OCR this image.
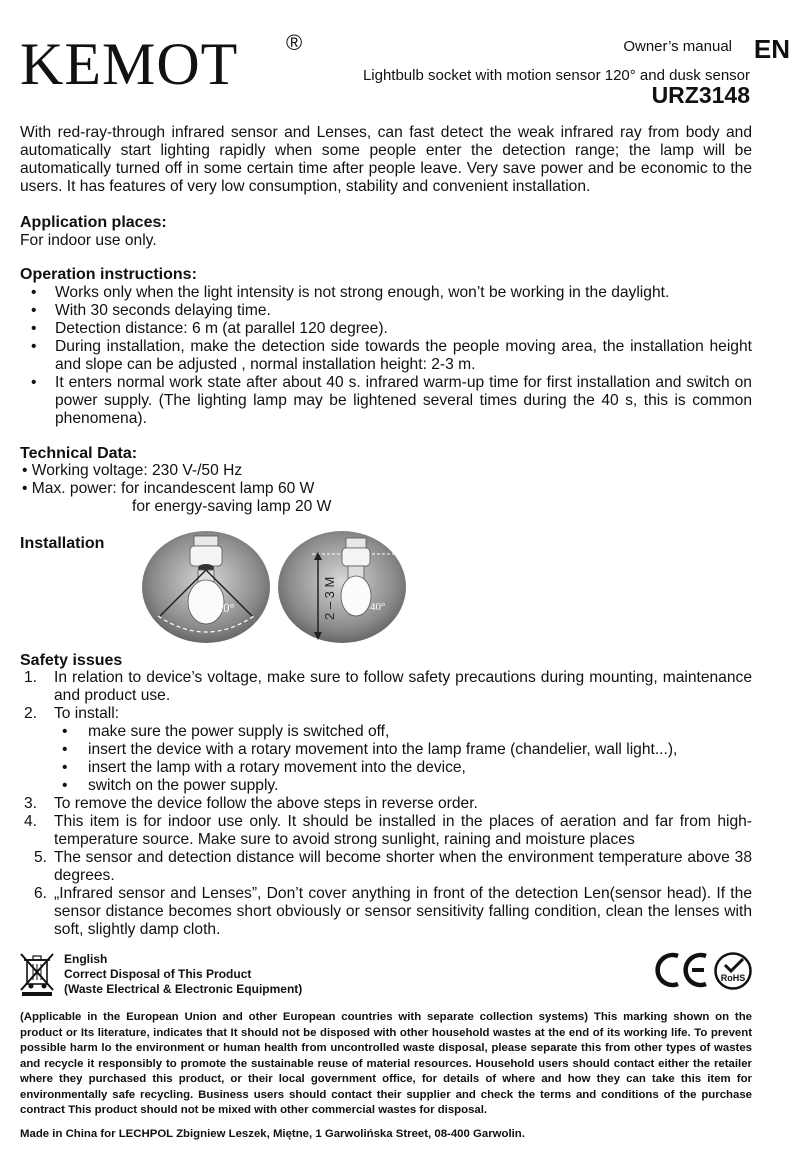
KEMOT ®	Owner’s manual EN
Lightbulb socket with motion sensor 120° and dusk sensor
URZ3148
With red-ray-through infrared sensor and Lenses, can fast detect the weak infrared ray from body and automatically start lighting rapidly when some people enter the detection range; the lamp will be automatically turned off in some certain time after people leave. Very save power and be economic to the users. It has features of very low consumption, stability and convenient installation.
Application places:
For indoor use only.
Operation instructions:
• Works only when the light intensity is not strong enough, won’t be working in the daylight.
• With 30 seconds delaying time.
• Detection distance: 6 m (at parallel 120 degree).
• During installation, make the detection side towards the people moving area, the installation height and slope can be adjusted , normal installation height: 2-3 m.
• It enters normal work state after about 40 s. infrared warm-up time for first installation and switch on power supply. (The lighting lamp may be lightened several times during the 40 s, this is common phenomena).
Technical Data:
• Working voltage: 230 V-/50 Hz
• Max. power: for incandescent lamp 60 W
for energy-saving lamp 20 W
Installation
120°	2 – 3 M	40°
Safety issues
1. In relation to device’s voltage, make sure to follow safety precautions during mounting, maintenance and product use.
2. To install:
• make sure the power supply is switched off,
• insert the device with a rotary movement into the lamp frame (chandelier, wall light...),
• insert the lamp with a rotary movement into the device,
• switch on the power supply.
3. To remove the device follow the above steps in reverse order.
4. This item is for indoor use only. It should be installed in the places of aeration and far from high-temperature source. Make sure to avoid strong sunlight, raining and moisture places
5. The sensor and detection distance will become shorter when the environment temperature above 38 degrees.
6. „Infrared sensor and Lenses”, Don’t cover anything in front of the detection Len(sensor head). If the sensor distance becomes short obviously or sensor sensitivity falling condition, clean the lenses with soft, slightly damp cloth.
English
Correct Disposal of This Product
(Waste Electrical & Electronic Equipment)
RoHS
(Applicable in the European Union and other European countries with separate collection systems) This marking shown on the product or Its literature, indicates that It should not be disposed with other household wastes at the end of its working life. To prevent possible harm lo the environment or human health from uncontrolled waste disposal, please separate this from other types of wastes and recycle it responsibly to promote the sustainable reuse of material resources. Household users should contact either the retailer where they purchased this product, or their local government office, for details of where and how they can take this item for environmentally safe recycling. Business users should contact their supplier and check the terms and conditions of the purchase contract This product should not be mixed with other commercial wastes for disposal.
Made in China for LECHPOL Zbigniew Leszek, Miętne, 1 Garwolińska Street, 08-400 Garwolin.
